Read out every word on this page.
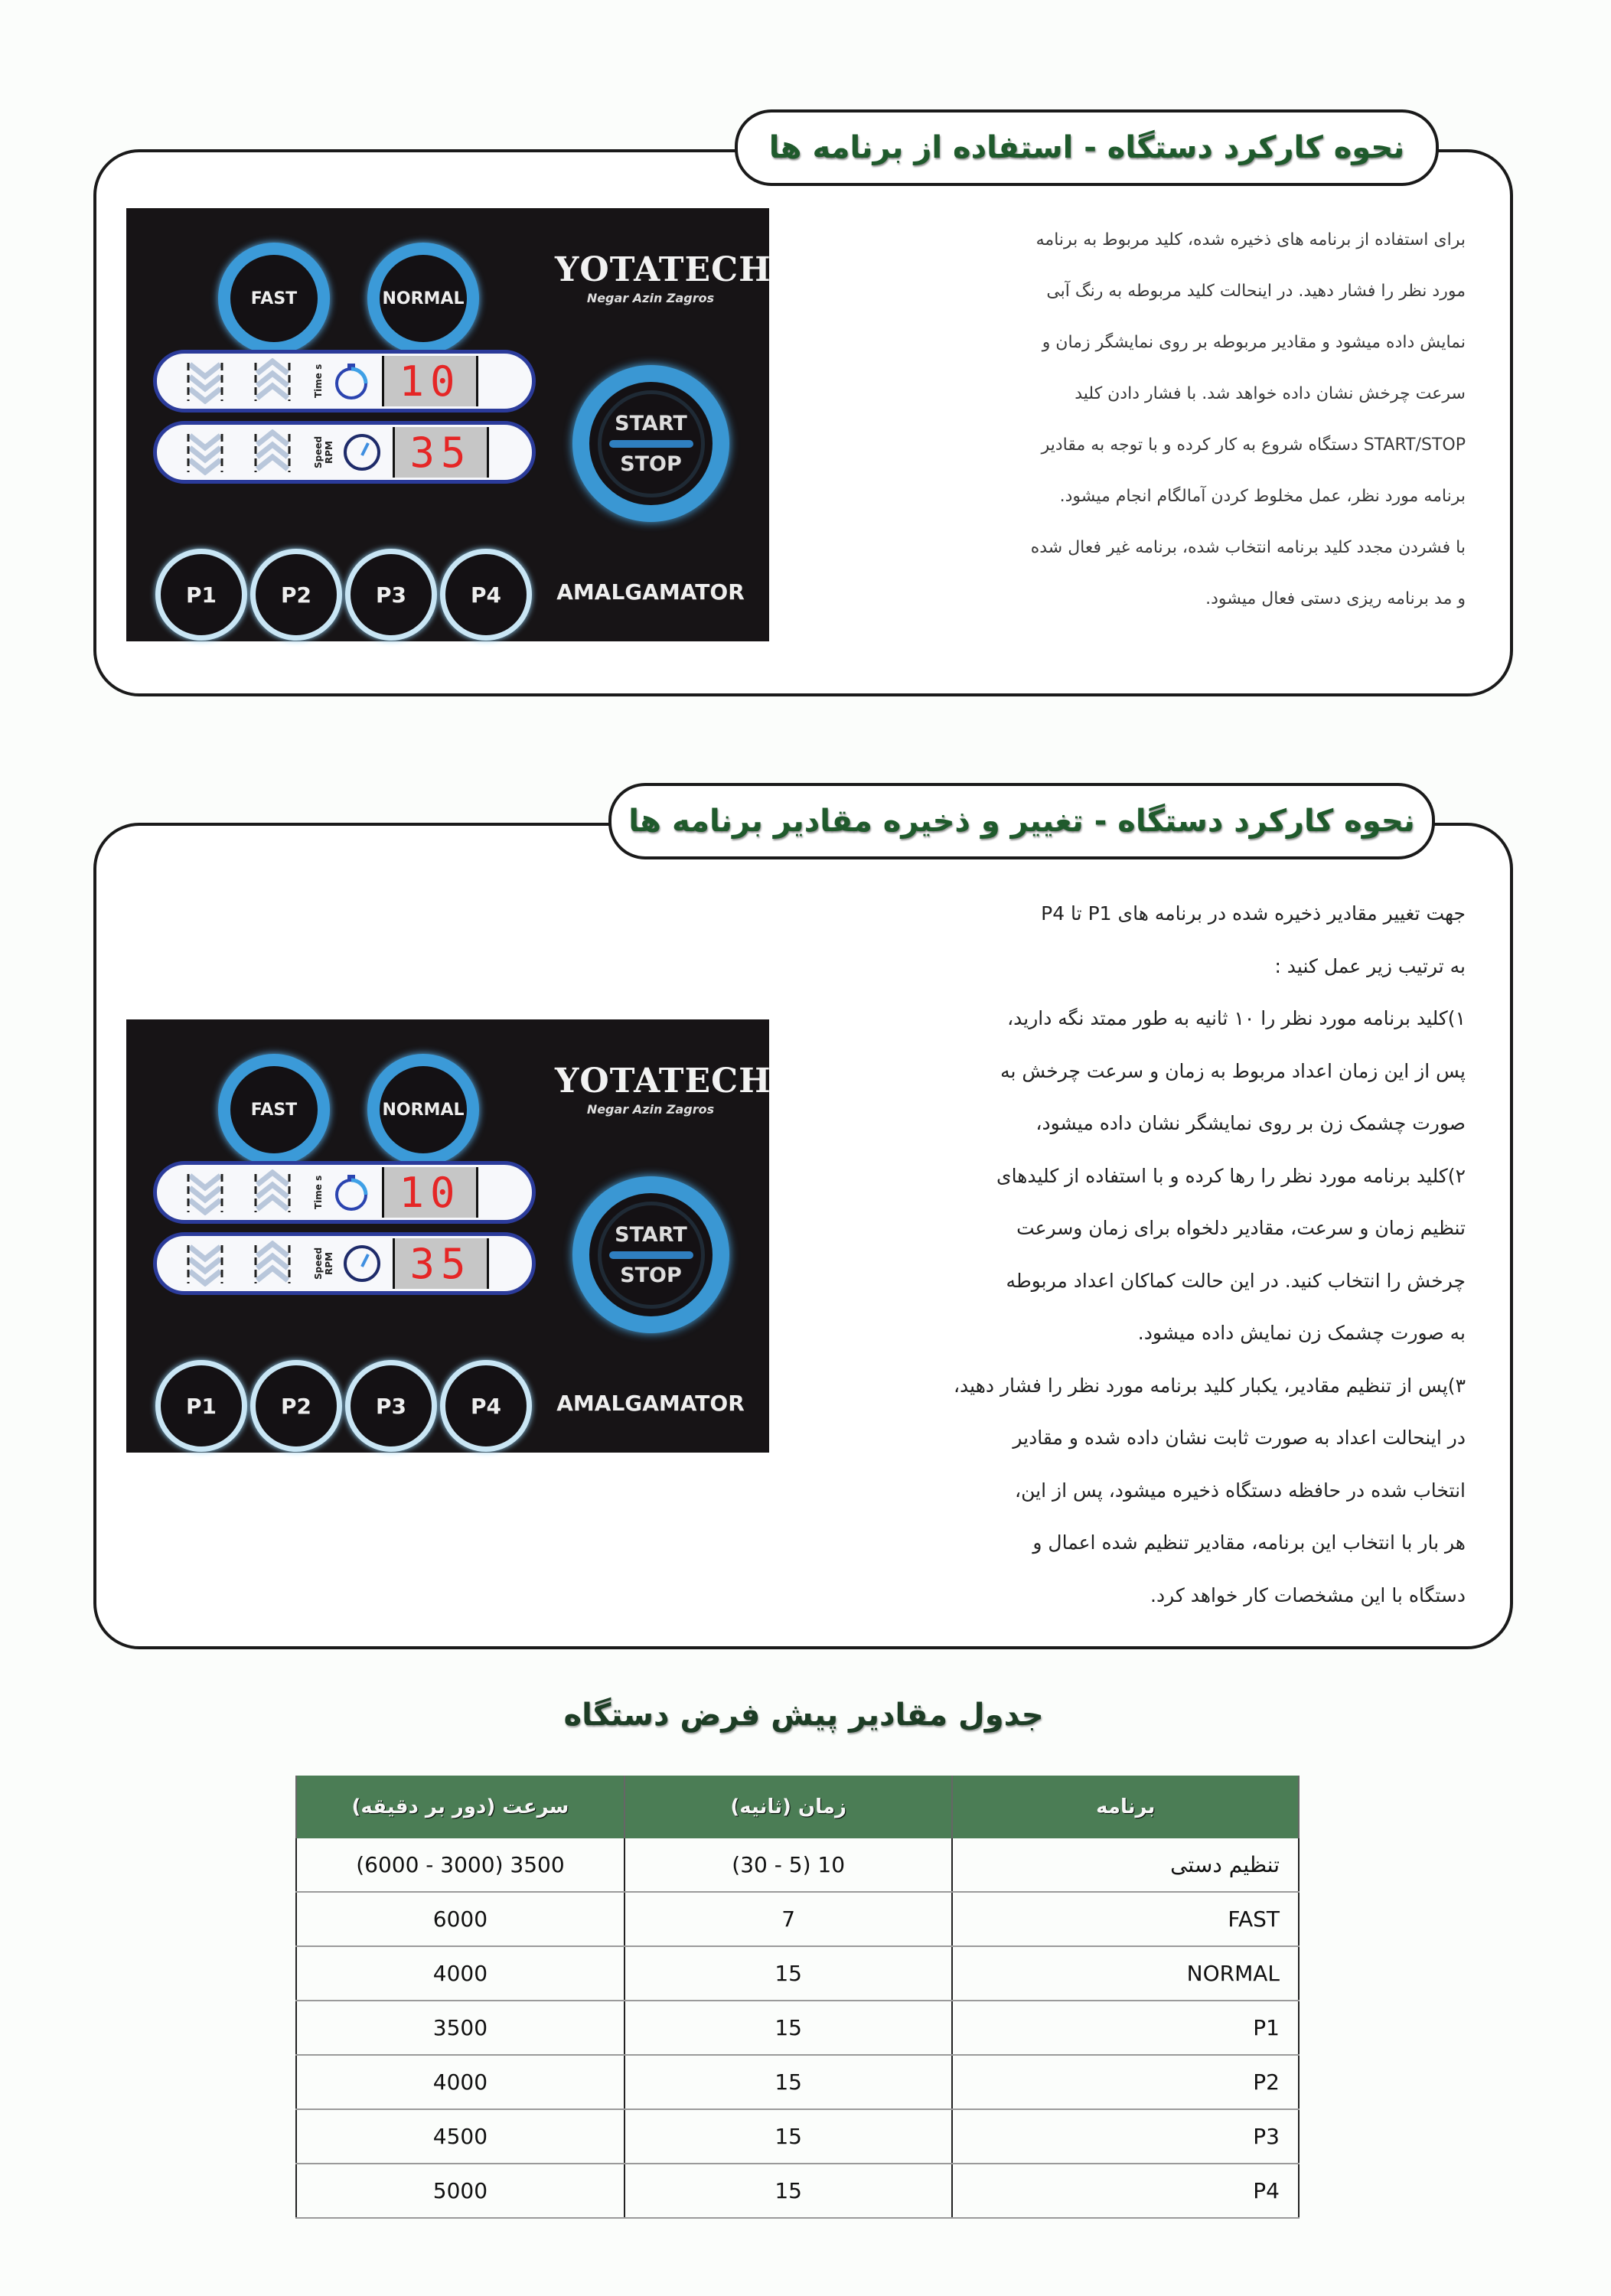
نحوه کارکرد دستگاه - استفاده از برنامه ها

برای استفاده از برنامه های ذخیره شده، کلید مربوط به برنامه

مورد نظر را فشار دهید. در اینحالت کلید مربوطه به رنگ آبی

نمایش داده میشود و مقادیر مربوطه بر روی نمایشگر زمان و

سرعت چرخش نشان داده خواهد شد. با فشار دادن کلید

START/STOP دستگاه شروع به کار کرده و با توجه به مقادیر

برنامه مورد نظر، عمل مخلوط کردن آمالگام انجام میشود.

با فشردن مجدد کلید برنامه انتخاب شده، برنامه غیر فعال شده

و مد برنامه ریزی دستی فعال میشود.

FAST	NORMAL
YOTATECH
Negar Azin Zagros
Time s	10
Speed RPM	35
START
STOP
P1	P2	P3	P4	AMALGAMATOR
نحوه کارکرد دستگاه - تغییر و ذخیره مقادیر برنامه ها

جهت تغییر مقادیر ذخیره شده در برنامه های P1 تا P4

به ترتیب زیر عمل کنید :

۱)کلید برنامه مورد نظر را ۱۰ ثانیه به طور ممتد نگه دارید،

پس از این زمان اعداد مربوط به زمان و سرعت چرخش به

صورت چشمک زن بر روی نمایشگر نشان داده میشود،

۲)کلید برنامه مورد نظر را رها کرده و با استفاده از کلیدهای

تنظیم زمان و سرعت، مقادیر دلخواه برای زمان وسرعت

چرخش را انتخاب کنید. در این حالت کماکان اعداد مربوطه

به صورت چشمک زن نمایش داده میشود.

۳)پس از تنظیم مقادیر، یکبار کلید برنامه مورد نظر را فشار دهید،

در اینحالت اعداد به صورت ثابت نشان داده شده و مقادیر

انتخاب شده در حافظه دستگاه ذخیره میشود، پس از این،

هر بار با انتخاب این برنامه، مقادیر تنظیم شده اعمال و

دستگاه با این مشخصات کار خواهد کرد.

FAST	NORMAL
YOTATECH
Negar Azin Zagros
Time s	10
Speed RPM	35
START
STOP
P1	P2	P3	P4	AMALGAMATOR
جدول مقادیر پیش فرض دستگاه
برنامه	زمان (ثانیه)	سرعت (دور بر دقیقه)
تنظیم دستی	10 (5 - 30)	3500 (3000 - 6000)
FAST	7	6000
NORMAL	15	4000
P1	15	3500
P2	15	4000
P3	15	4500
P4	15	5000
